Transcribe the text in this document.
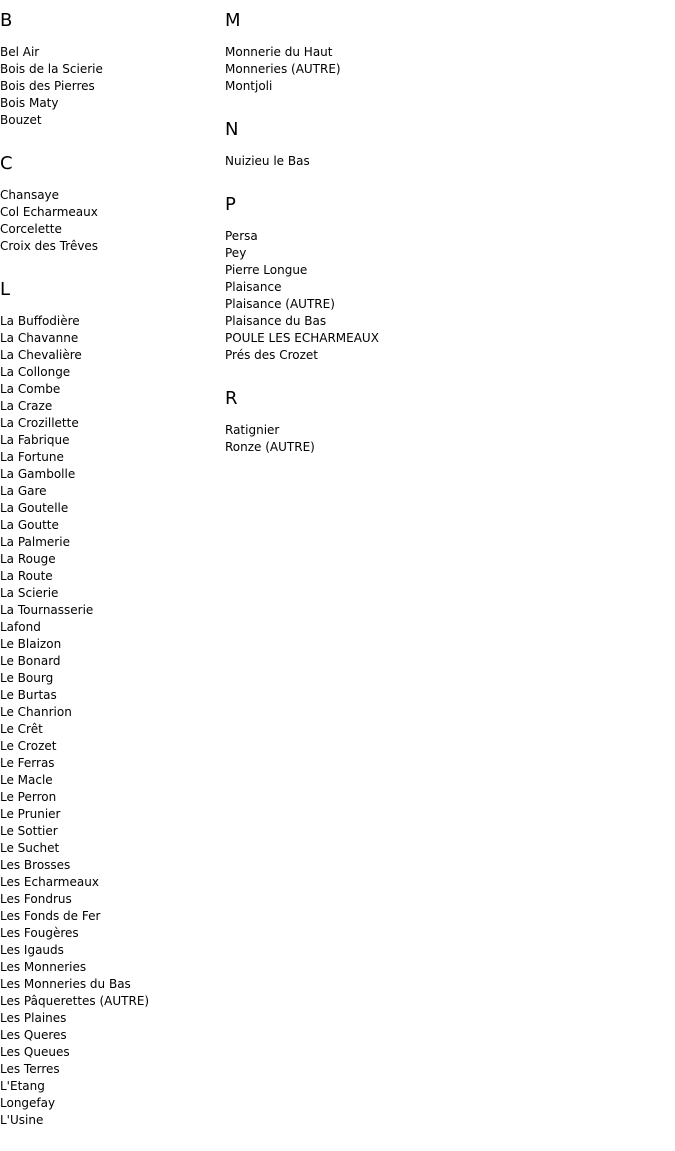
B
Bel Air
Bois de la Scierie
Bois des Pierres
Bois Maty
Bouzet
C
Chansaye
Col Echarmeaux
Corcelette
Croix des Trêves
L
La Buffodière
La Chavanne
La Chevalière
La Collonge
La Combe
La Craze
La Crozillette
La Fabrique
La Fortune
La Gambolle
La Gare
La Goutelle
La Goutte
La Palmerie
La Rouge
La Route
La Scierie
La Tournasserie
Lafond
Le Blaizon
Le Bonard
Le Bourg
Le Burtas
Le Chanrion
Le Crêt
Le Crozet
Le Ferras
Le Macle
Le Perron
Le Prunier
Le Sottier
Le Suchet
Les Brosses
Les Echarmeaux
Les Fondrus
Les Fonds de Fer
Les Fougères
Les Igauds
Les Monneries
Les Monneries du Bas
Les Pâquerettes (AUTRE)
Les Plaines
Les Queres
Les Queues
Les Terres
L'Etang
Longefay
L'Usine
M
Monnerie du Haut
Monneries (AUTRE)
Montjoli
N
Nuizieu le Bas
P
Persa
Pey
Pierre Longue
Plaisance
Plaisance (AUTRE)
Plaisance du Bas
POULE LES ECHARMEAUX
Prés des Crozet
R
Ratignier
Ronze (AUTRE)
